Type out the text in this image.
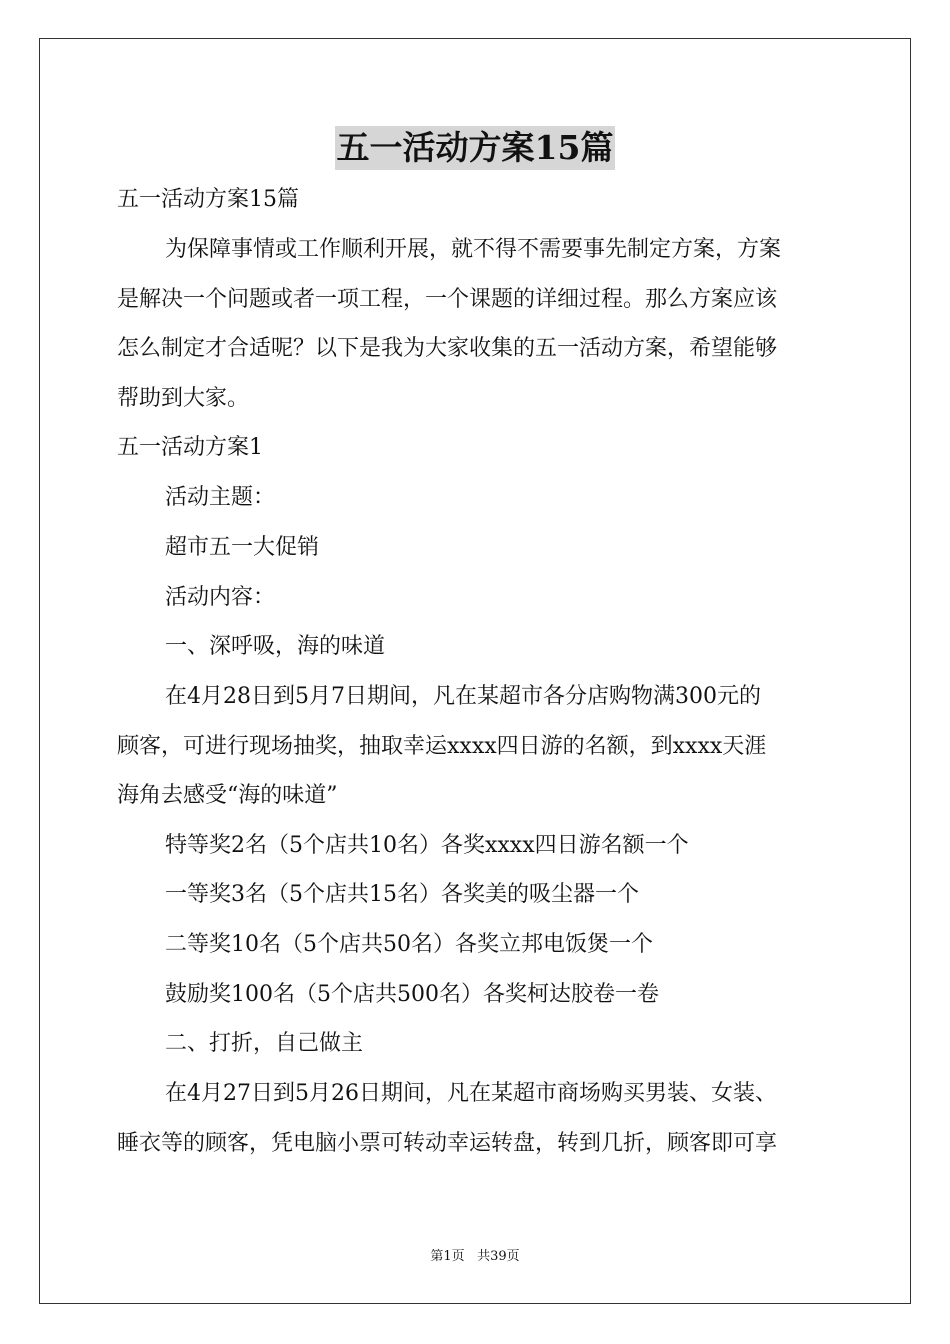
五一活动方案15篇
五一活动方案15篇
为保障事情或工作顺利开展，就不得不需要事先制定方案，方案
是解决一个问题或者一项工程，一个课题的详细过程。那么方案应该
怎么制定才合适呢？以下是我为大家收集的五一活动方案，希望能够
帮助到大家。
五一活动方案1
活动主题：
超市五一大促销
活动内容：
一、深呼吸，海的味道
在4月28日到5月7日期间，凡在某超市各分店购物满300元的
顾客，可进行现场抽奖，抽取幸运xxxx四日游的名额，到xxxx天涯
海角去感受“海的味道”
特等奖2名（5个店共10名）各奖xxxx四日游名额一个
一等奖3名（5个店共15名）各奖美的吸尘器一个
二等奖10名（5个店共50名）各奖立邦电饭煲一个
鼓励奖100名（5个店共500名）各奖柯达胶卷一卷
二、打折，自己做主
在4月27日到5月26日期间，凡在某超市商场购买男装、女装、
睡衣等的顾客，凭电脑小票可转动幸运转盘，转到几折，顾客即可享
第1页 共39页
